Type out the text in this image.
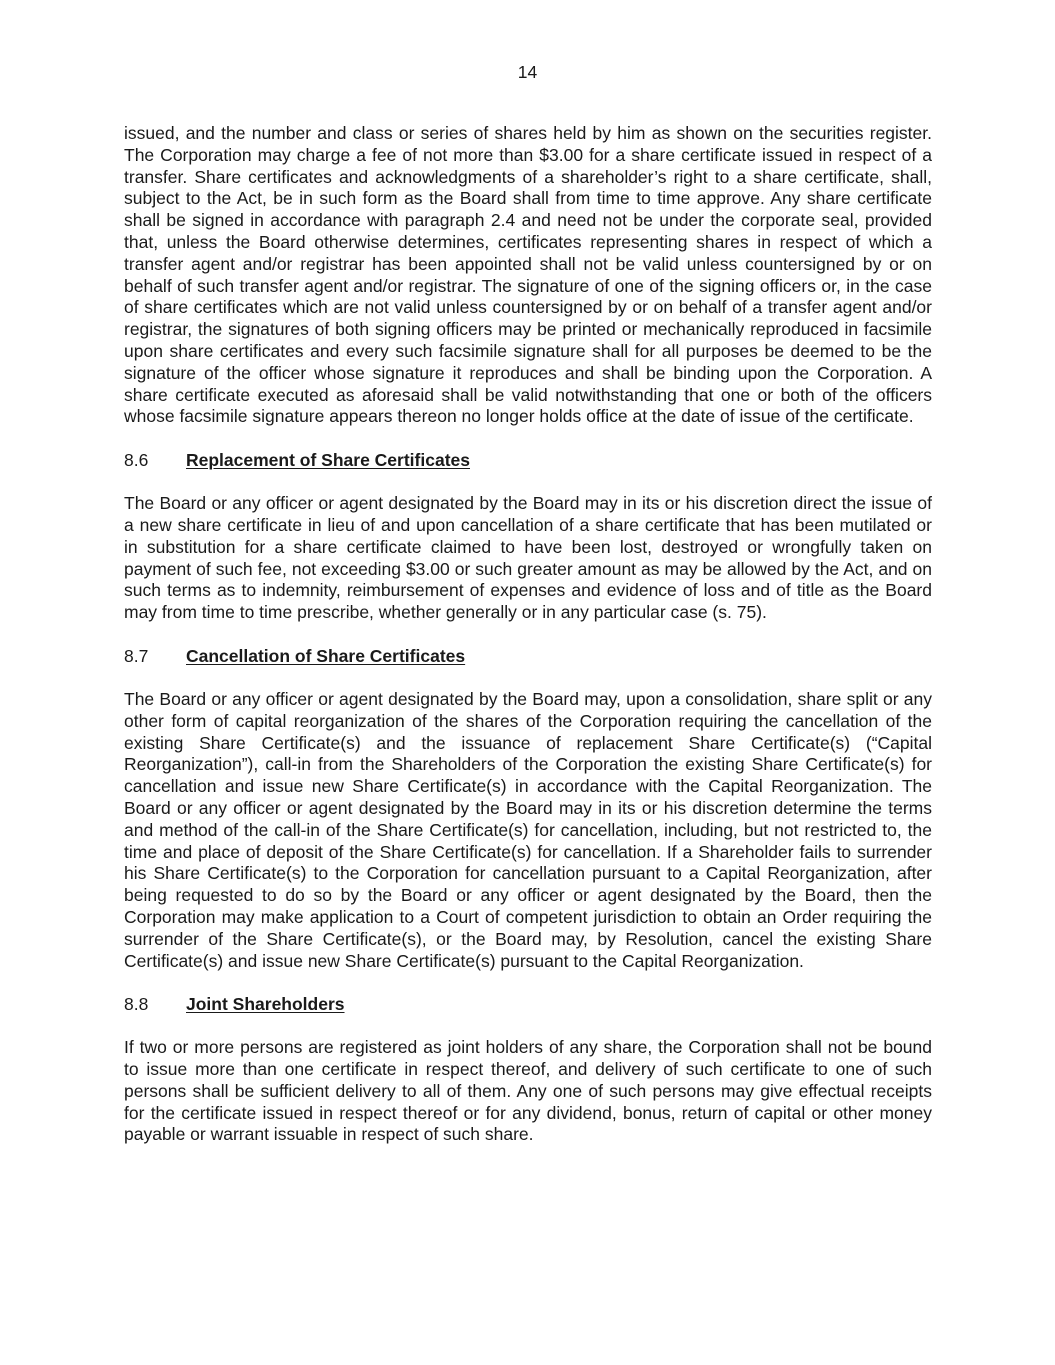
14

issued, and the number and class or series of shares held by him as shown on the securities register. The Corporation may charge a fee of not more than $3.00 for a share certificate issued in respect of a transfer. Share certificates and acknowledgments of a shareholder’s right to a share certificate, shall, subject to the Act, be in such form as the Board shall from time to time approve. Any share certificate shall be signed in accordance with paragraph 2.4 and need not be under the corporate seal, provided that, unless the Board otherwise determines, certificates representing shares in respect of which a transfer agent and/or registrar has been appointed shall not be valid unless countersigned by or on behalf of such transfer agent and/or registrar. The signature of one of the signing officers or, in the case of share certificates which are not valid unless countersigned by or on behalf of a transfer agent and/or registrar, the signatures of both signing officers may be printed or mechanically reproduced in facsimile upon share certificates and every such facsimile signature shall for all purposes be deemed to be the signature of the officer whose signature it reproduces and shall be binding upon the Corporation. A share certificate executed as aforesaid shall be valid notwithstanding that one or both of the officers whose facsimile signature appears thereon no longer holds office at the date of issue of the certificate.

8.6	Replacement of Share Certificates

The Board or any officer or agent designated by the Board may in its or his discretion direct the issue of a new share certificate in lieu of and upon cancellation of a share certificate that has been mutilated or in substitution for a share certificate claimed to have been lost, destroyed or wrongfully taken on payment of such fee, not exceeding $3.00 or such greater amount as may be allowed by the Act, and on such terms as to indemnity, reimbursement of expenses and evidence of loss and of title as the Board may from time to time prescribe, whether generally or in any particular case (s. 75).

8.7	Cancellation of Share Certificates

The Board or any officer or agent designated by the Board may, upon a consolidation, share split or any other form of capital reorganization of the shares of the Corporation requiring the cancellation of the existing Share Certificate(s) and the issuance of replacement Share Certificate(s) (“Capital Reorganization”), call-in from the Shareholders of the Corporation the existing Share Certificate(s) for cancellation and issue new Share Certificate(s) in accordance with the Capital Reorganization. The Board or any officer or agent designated by the Board may in its or his discretion determine the terms and method of the call-in of the Share Certificate(s) for cancellation, including, but not restricted to, the time and place of deposit of the Share Certificate(s) for cancellation. If a Shareholder fails to surrender his Share Certificate(s) to the Corporation for cancellation pursuant to a Capital Reorganization, after being requested to do so by the Board or any officer or agent designated by the Board, then the Corporation may make application to a Court of competent jurisdiction to obtain an Order requiring the surrender of the Share Certificate(s), or the Board may, by Resolution, cancel the existing Share Certificate(s) and issue new Share Certificate(s) pursuant to the Capital Reorganization.

8.8	Joint Shareholders

If two or more persons are registered as joint holders of any share, the Corporation shall not be bound to issue more than one certificate in respect thereof, and delivery of such certificate to one of such persons shall be sufficient delivery to all of them. Any one of such persons may give effectual receipts for the certificate issued in respect thereof or for any dividend, bonus, return of capital or other money payable or warrant issuable in respect of such share.
